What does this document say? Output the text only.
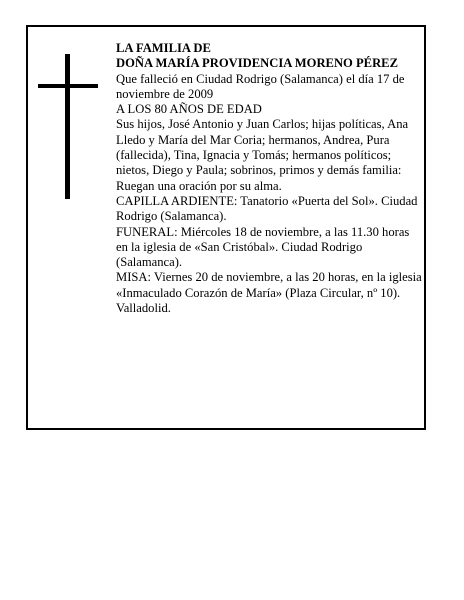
LA FAMILIA DE

DOÑA MARÍA PROVIDENCIA MORENO PÉREZ

Que falleció en Ciudad Rodrigo (Salamanca) el día 17 de noviembre de 2009

A LOS 80 AÑOS DE EDAD

Sus hijos, José Antonio y Juan Carlos; hijas políticas, Ana Lledo y María del Mar Coria; hermanos, Andrea, Pura (fallecida), Tina, Ignacia y Tomás; hermanos políticos; nietos, Diego y Paula; sobrinos, primos y demás familia:

Ruegan una oración por su alma.

CAPILLA ARDIENTE: Tanatorio «Puerta del Sol». Ciudad Rodrigo (Salamanca).

FUNERAL: Miércoles 18 de noviembre, a las 11.30 horas en la iglesia de «San Cristóbal». Ciudad Rodrigo (Salamanca).

MISA: Viernes 20 de noviembre, a las 20 horas, en la iglesia «Inmaculado Corazón de María» (Plaza Circular, nº 10). Valladolid.
